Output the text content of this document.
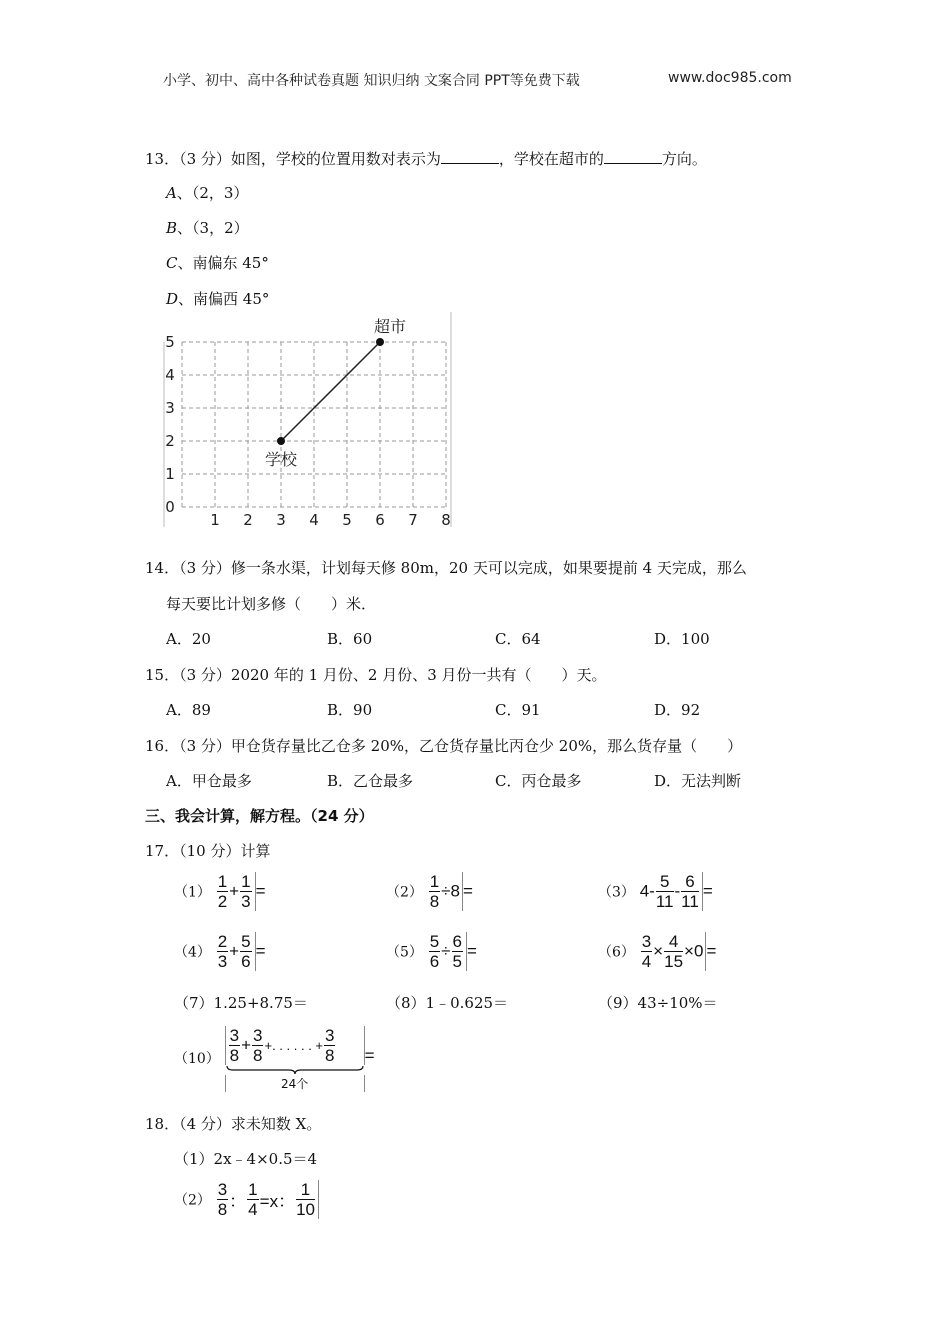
小学、初中、高中各种试卷真题 知识归纳 文案合同 PPT等免费下载	www.doc985.com
13．（3 分）如图，学校的位置用数对表示为	，学校在超市的	方向。
A、（2，3）
B、（3，2）
C、南偏东 45°
D、南偏西 45°
1 2 3 4 5 6 7 8
0
1
2
3
4
5
学校
超市
14．（3 分）修一条水渠，计划每天修 80m，20 天可以完成，如果要提前 4 天完成，那么
每天要比计划多修（　　）米．
A．20	B．60	C．64	D．100
15．（3 分）2020 年的 1 月份、2 月份、3 月份一共有（　　）天。
A．89	B．90	C．91	D．92
16．（3 分）甲仓货存量比乙仓多 20%，乙仓货存量比丙仓少 20%，那么货存量（　　）
A．甲仓最多	B．乙仓最多	C．丙仓最多	D．无法判断
三、我会计算，解方程。（24 分）
17．（10 分）计算
$(1) \frac{1}{2} + \frac{1}{3}$ =	$(2) \frac{1}{8} \div 8$ =	（3） $4- \frac{5}{11} - \frac{6}{11}$ =
$(4) \frac{2}{3} + \frac{5}{6}$ =	$(5) \frac{5}{6} \div \frac{6}{5}$ =	$(6) \frac{3}{4} \times \frac{4}{15} \times 0$ =
（7）1.25+8.75＝	（8）1﹣0.625＝	（9）43÷10%＝
$(10) \frac{3}{8} + \frac{3}{8}$ +. . . . . . + $\frac{3}{8}$
24个
=
18．（4 分）求未知数 X。
（1）2x﹣4×0.5＝4
$(2) \frac{3}{8}$ ： $\frac{1}{4} =x$： $\frac{1}{10}$
